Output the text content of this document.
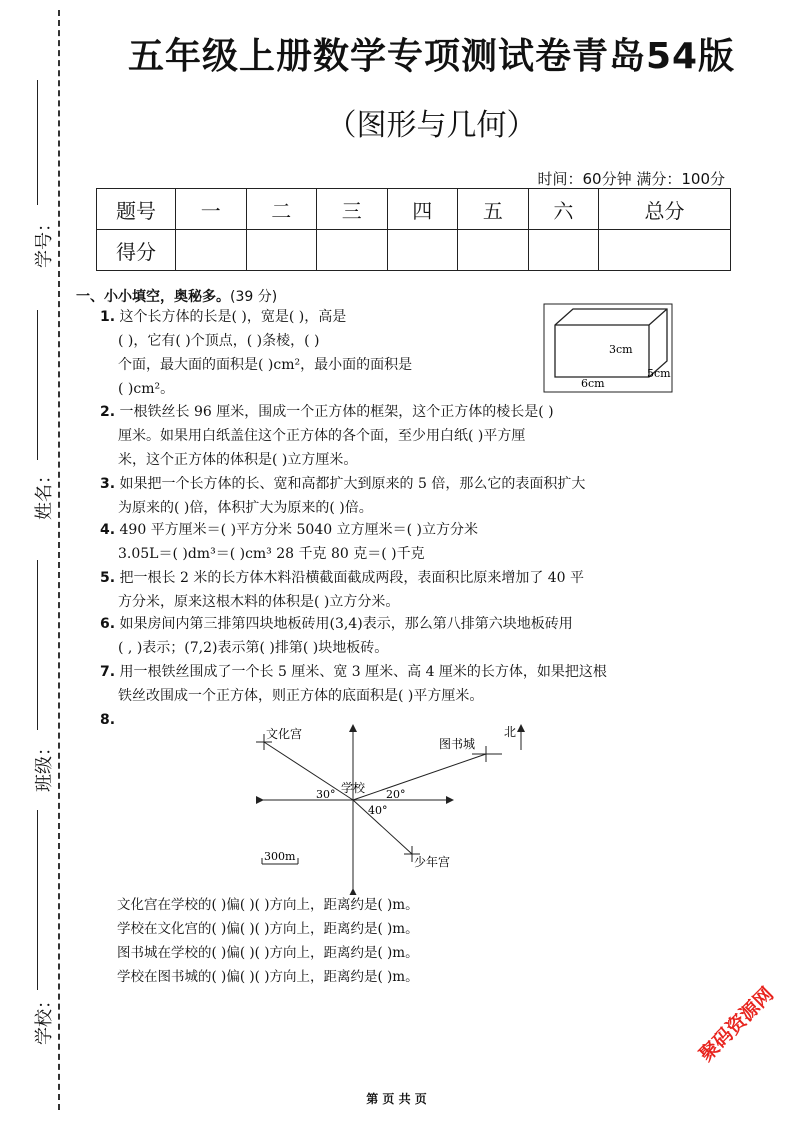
学号：
姓名：
班级：
学校：
五年级上册数学专项测试卷青岛54版
（图形与几何）
时间：60分钟 满分：100分
题号	一	二	三	四	五	六	总分
得分							
一、小小填空，奥秘多。(39 分)
1. 这个长方体的长是( )，宽是( )，高是
( )，它有( )个顶点，( )条棱，( )
个面，最大面的面积是( )cm²，最小面的面积是
( )cm²。
3cm
6cm
5cm
2. 一根铁丝长 96 厘米，围成一个正方体的框架，这个正方体的棱长是( )
厘米。如果用白纸盖住这个正方体的各个面，至少用白纸( )平方厘
米，这个正方体的体积是( )立方厘米。
3. 如果把一个长方体的长、宽和高都扩大到原来的 5 倍，那么它的表面积扩大
为原来的( )倍，体积扩大为原来的( )倍。
4. 490 平方厘米＝( )平方分米 5040 立方厘米＝( )立方分米
3.05L＝( )dm³＝( )cm³ 28 千克 80 克＝( )千克
5. 把一根长 2 米的长方体木料沿横截面截成两段，表面积比原来增加了 40 平
方分米，原来这根木料的体积是( )立方分米。
6. 如果房间内第三排第四块地板砖用(3,4)表示，那么第八排第六块地板砖用
( , )表示；(7,2)表示第( )排第( )块地板砖。
7. 用一根铁丝围成了一个长 5 厘米、宽 3 厘米、高 4 厘米的长方体，如果把这根
铁丝改围成一个正方体，则正方体的底面积是( )平方厘米。
8.
北
文化宫
图书城
学校
少年宫
30°	20°
40°
300m
文化宫在学校的( )偏( )( )方向上，距离约是( )m。
学校在文化宫的( )偏( )( )方向上，距离约是( )m。
图书城在学校的( )偏( )( )方向上，距离约是( )m。
学校在图书城的( )偏( )( )方向上，距离约是( )m。
聚码资源网
第 页 共 页
